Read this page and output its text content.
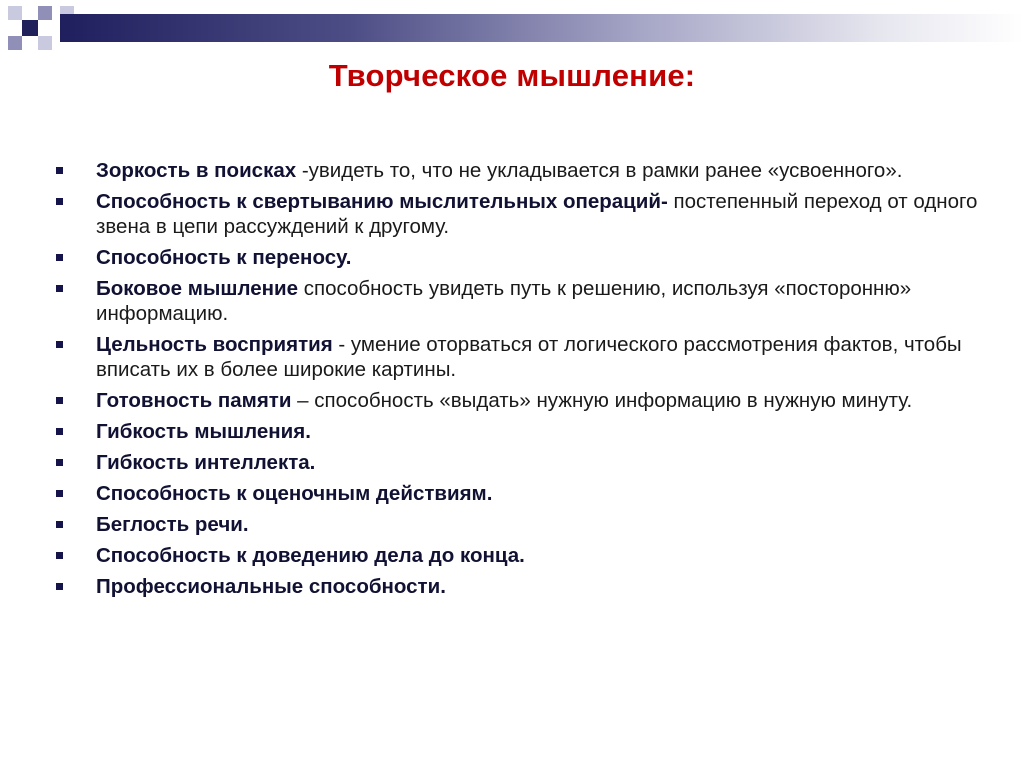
Творческое мышление:
Зоркость в поисках -увидеть то, что не укладывается в рамки ранее «усвоенного».
Способность к свертыванию мыслительных операций- постепенный переход от одного звена в цепи рассуждений к другому.
Способность к переносу.
Боковое мышление способность увидеть путь к решению, используя «посторонню» информацию.
Цельность восприятия - умение оторваться от логического рассмотрения фактов, чтобы вписать их в более широкие картины.
Готовность памяти – способность «выдать» нужную информацию в нужную минуту.
Гибкость мышления.
Гибкость интеллекта.
Способность к оценочным действиям.
Беглость речи.
Способность к доведению дела до конца.
Профессиональные способности.
